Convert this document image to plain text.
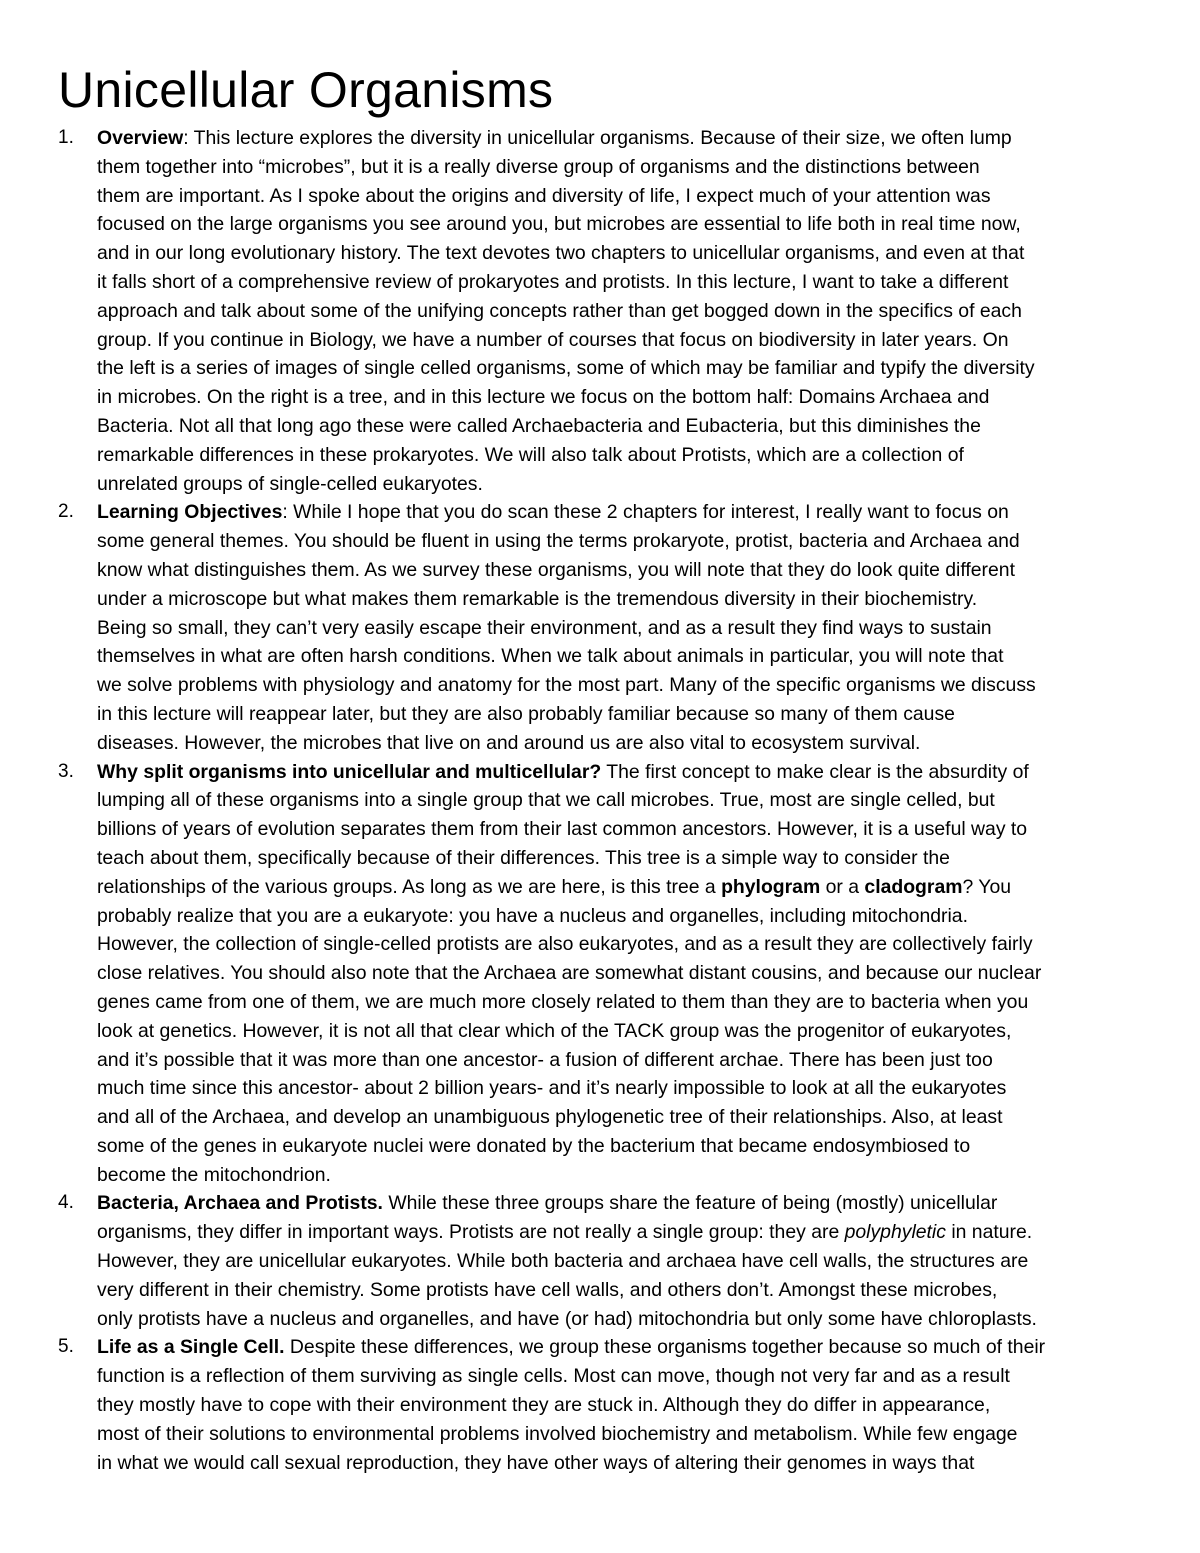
Unicellular Organisms
1. Overview: This lecture explores the diversity in unicellular organisms. Because of their size, we often lump
them together into “microbes”, but it is a really diverse group of organisms and the distinctions between
them are important. As I spoke about the origins and diversity of life, I expect much of your attention was
focused on the large organisms you see around you, but microbes are essential to life both in real time now,
and in our long evolutionary history. The text devotes two chapters to unicellular organisms, and even at that
it falls short of a comprehensive review of prokaryotes and protists. In this lecture, I want to take a different
approach and talk about some of the unifying concepts rather than get bogged down in the specifics of each
group. If you continue in Biology, we have a number of courses that focus on biodiversity in later years. On
the left is a series of images of single celled organisms, some of which may be familiar and typify the diversity
in microbes. On the right is a tree, and in this lecture we focus on the bottom half: Domains Archaea and
Bacteria. Not all that long ago these were called Archaebacteria and Eubacteria, but this diminishes the
remarkable differences in these prokaryotes. We will also talk about Protists, which are a collection of
unrelated groups of single-celled eukaryotes.
2. Learning Objectives: While I hope that you do scan these 2 chapters for interest, I really want to focus on
some general themes. You should be fluent in using the terms prokaryote, protist, bacteria and Archaea and
know what distinguishes them. As we survey these organisms, you will note that they do look quite different
under a microscope but what makes them remarkable is the tremendous diversity in their biochemistry.
Being so small, they can’t very easily escape their environment, and as a result they find ways to sustain
themselves in what are often harsh conditions. When we talk about animals in particular, you will note that
we solve problems with physiology and anatomy for the most part. Many of the specific organisms we discuss
in this lecture will reappear later, but they are also probably familiar because so many of them cause
diseases. However, the microbes that live on and around us are also vital to ecosystem survival.
3. Why split organisms into unicellular and multicellular? The first concept to make clear is the absurdity of
lumping all of these organisms into a single group that we call microbes. True, most are single celled, but
billions of years of evolution separates them from their last common ancestors. However, it is a useful way to
teach about them, specifically because of their differences. This tree is a simple way to consider the
relationships of the various groups. As long as we are here, is this tree a phylogram or a cladogram? You
probably realize that you are a eukaryote: you have a nucleus and organelles, including mitochondria.
However, the collection of single-celled protists are also eukaryotes, and as a result they are collectively fairly
close relatives. You should also note that the Archaea are somewhat distant cousins, and because our nuclear
genes came from one of them, we are much more closely related to them than they are to bacteria when you
look at genetics. However, it is not all that clear which of the TACK group was the progenitor of eukaryotes,
and it’s possible that it was more than one ancestor- a fusion of different archae. There has been just too
much time since this ancestor- about 2 billion years- and it’s nearly impossible to look at all the eukaryotes
and all of the Archaea, and develop an unambiguous phylogenetic tree of their relationships. Also, at least
some of the genes in eukaryote nuclei were donated by the bacterium that became endosymbiosed to
become the mitochondrion.
4. Bacteria, Archaea and Protists. While these three groups share the feature of being (mostly) unicellular
organisms, they differ in important ways. Protists are not really a single group: they are polyphyletic in nature.
However, they are unicellular eukaryotes. While both bacteria and archaea have cell walls, the structures are
very different in their chemistry. Some protists have cell walls, and others don’t. Amongst these microbes,
only protists have a nucleus and organelles, and have (or had) mitochondria but only some have chloroplasts.
5. Life as a Single Cell. Despite these differences, we group these organisms together because so much of their
function is a reflection of them surviving as single cells. Most can move, though not very far and as a result
they mostly have to cope with their environment they are stuck in. Although they do differ in appearance,
most of their solutions to environmental problems involved biochemistry and metabolism. While few engage
in what we would call sexual reproduction, they have other ways of altering their genomes in ways that
